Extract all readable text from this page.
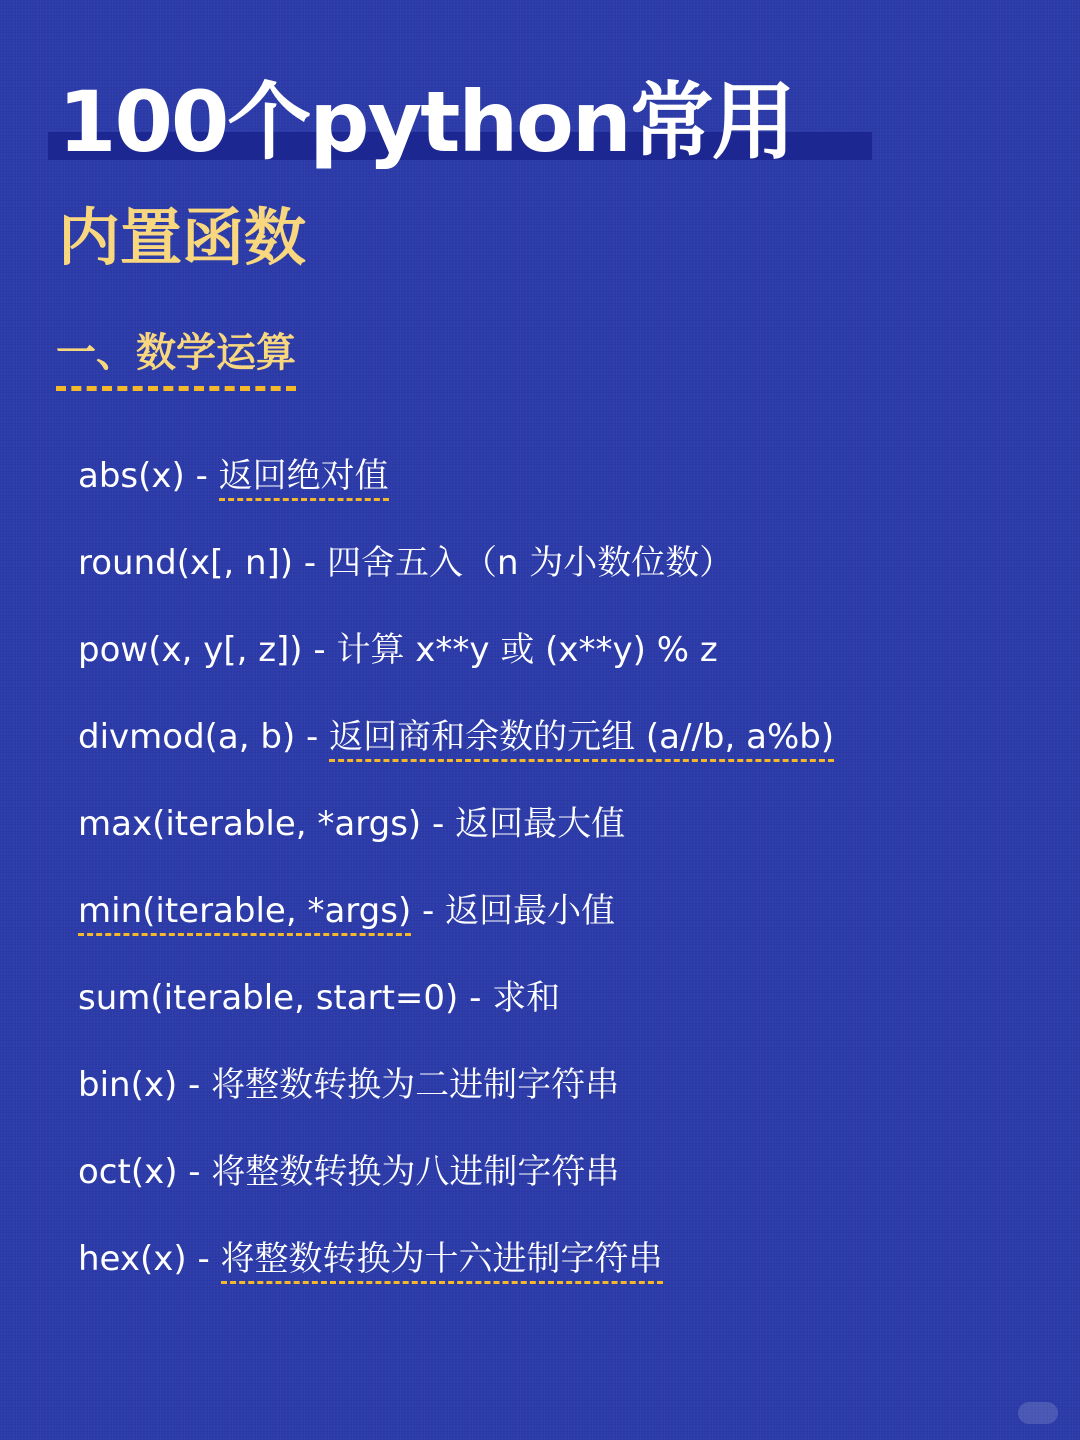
100个python常用
内置函数
一、数学运算
abs(x) - 返回绝对值
round(x[, n]) - 四舍五入（n 为小数位数）
pow(x, y[, z]) - 计算 x**y 或 (x**y) % z
divmod(a, b) - 返回商和余数的元组 (a//b, a%b)
max(iterable, *args) - 返回最大值
min(iterable, *args) - 返回最小值
sum(iterable, start=0) - 求和
bin(x) - 将整数转换为二进制字符串
oct(x) - 将整数转换为八进制字符串
hex(x) - 将整数转换为十六进制字符串
